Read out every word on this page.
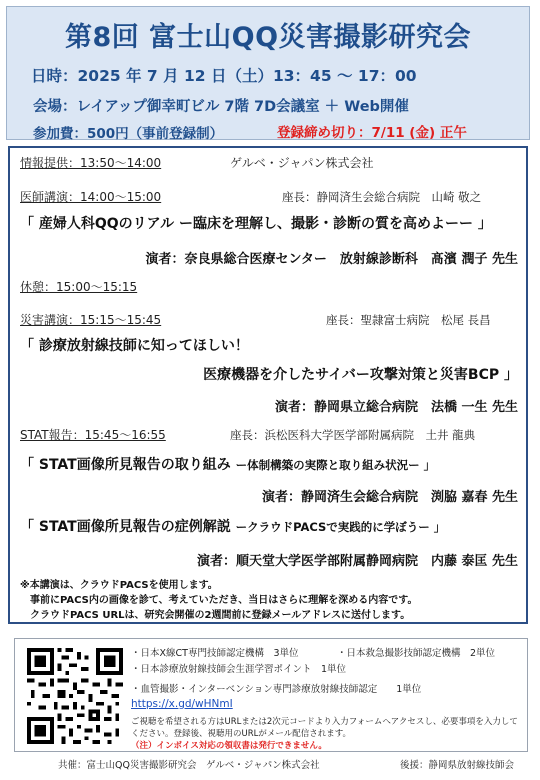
第8回 富士山QQ災害撮影研究会
日時：2025 年 7 月 12 日（土）13：45 ～ 17：00
会場：レイアップ御幸町ビル 7階 7D会議室 ＋ Web開催
参加費：500円（事前登録制）	登録締め切り：7/11 (金) 正午
情報提供：13:50～14:00	ゲルベ・ジャパン株式会社
医師講演：14:00～15:00	座長：静岡済生会総合病院　山崎 敬之
「 産婦人科QQのリアル ー臨床を理解し、撮影・診断の質を高めよーー 」
演者：奈良県総合医療センター　放射線診断科　髙濱 潤子 先生
休憩：15:00～15:15
災害講演：15:15～15:45	座長：聖隷富士病院　松尾 長昌
「 診療放射線技師に知ってほしい！
医療機器を介したサイバー攻撃対策と災害BCP 」
演者：静岡県立総合病院　法橋 一生 先生
STAT報告：15:45～16:55	座長：浜松医科大学医学部附属病院　土井 龍典
「 STAT画像所見報告の取り組み ー体制構築の実際と取り組み状況ー 」
演者：静岡済生会総合病院　渕脇 嘉春 先生
「 STAT画像所見報告の症例解説 ークラウドPACSで実践的に学ぼうー 」
演者：順天堂大学医学部附属静岡病院　内藤 泰匡 先生
※本講演は、クラウドPACSを使用します。
事前にPACS内の画像を診て、考えていただき、当日はさらに理解を深める内容です。
クラウドPACS URLは、研究会開催の2週間前に登録メールアドレスに送付します。
・日本X線CT専門技師認定機構　3単位	・日本救急撮影技師認定機構　2単位
・日本診療放射線技師会生涯学習ポイント　1単位
・血管撮影・インターベンション専門診療放射線技師認定　　1単位
https://x.gd/wHNmI
ご視聴を希望される方はURLまたは2次元コードより入力フォームへアクセスし、必要事項を入力して
ください。登録後、視聴用のURLがメール配信されます。
（注）インボイス対応の領収書は発行できません。
共催：富士山QQ災害撮影研究会　ゲルベ・ジャパン株式会社	後援：静岡県放射線技師会
